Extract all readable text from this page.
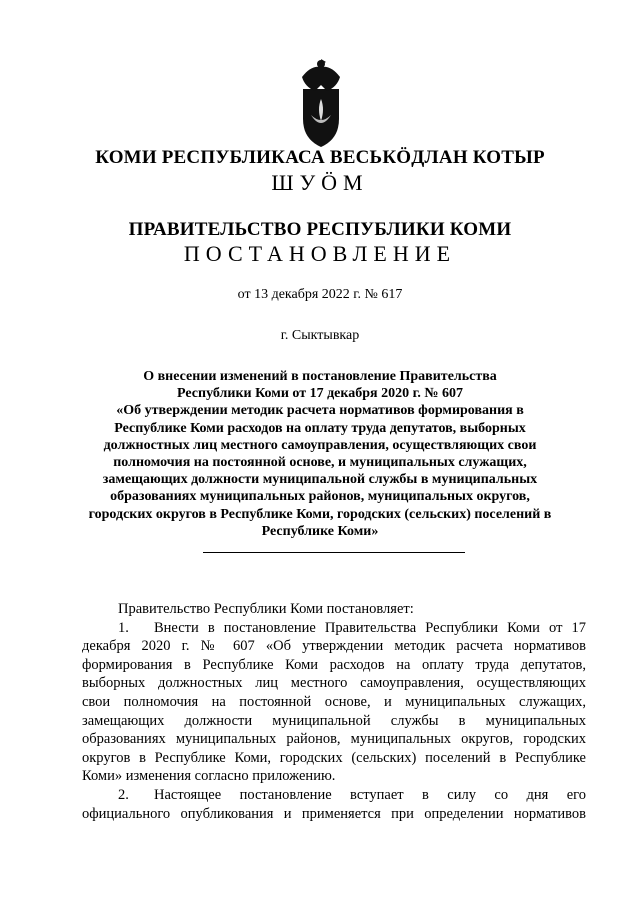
КОМИ РЕСПУБЛИКАСА ВЕСЬКÖДЛАН КОТЫР
ШУÖМ
ПРАВИТЕЛЬСТВО РЕСПУБЛИКИ КОМИ
ПОСТАНОВЛЕНИЕ
от 13 декабря 2022 г. № 617
г. Сыктывкар
О внесении изменений в постановление Правительства
Республики Коми от 17 декабря 2020 г. № 607
«Об утверждении методик расчета нормативов формирования в
Республике Коми расходов на оплату труда депутатов, выборных
должностных лиц местного самоуправления, осуществляющих свои
полномочия на постоянной основе, и муниципальных служащих,
замещающих должности муниципальной службы в муниципальных
образованиях муниципальных районов, муниципальных округов,
городских округов в Республике Коми, городских (сельских) поселений в
Республике Коми»
Правительство Республики Коми постановляет:
1. Внести в постановление Правительства Республики Коми от 17
декабря 2020 г. № 607 «Об утверждении методик расчета нормативов
формирования в Республике Коми расходов на оплату труда депутатов,
выборных должностных лиц местного самоуправления, осуществляющих
свои полномочия на постоянной основе, и муниципальных служащих,
замещающих должности муниципальной службы в муниципальных
образованиях муниципальных районов, муниципальных округов, городских
округов в Республике Коми, городских (сельских) поселений в Республике
Коми» изменения согласно приложению.
2. Настоящее постановление вступает в силу со дня его
официального опубликования и применяется при определении нормативов
